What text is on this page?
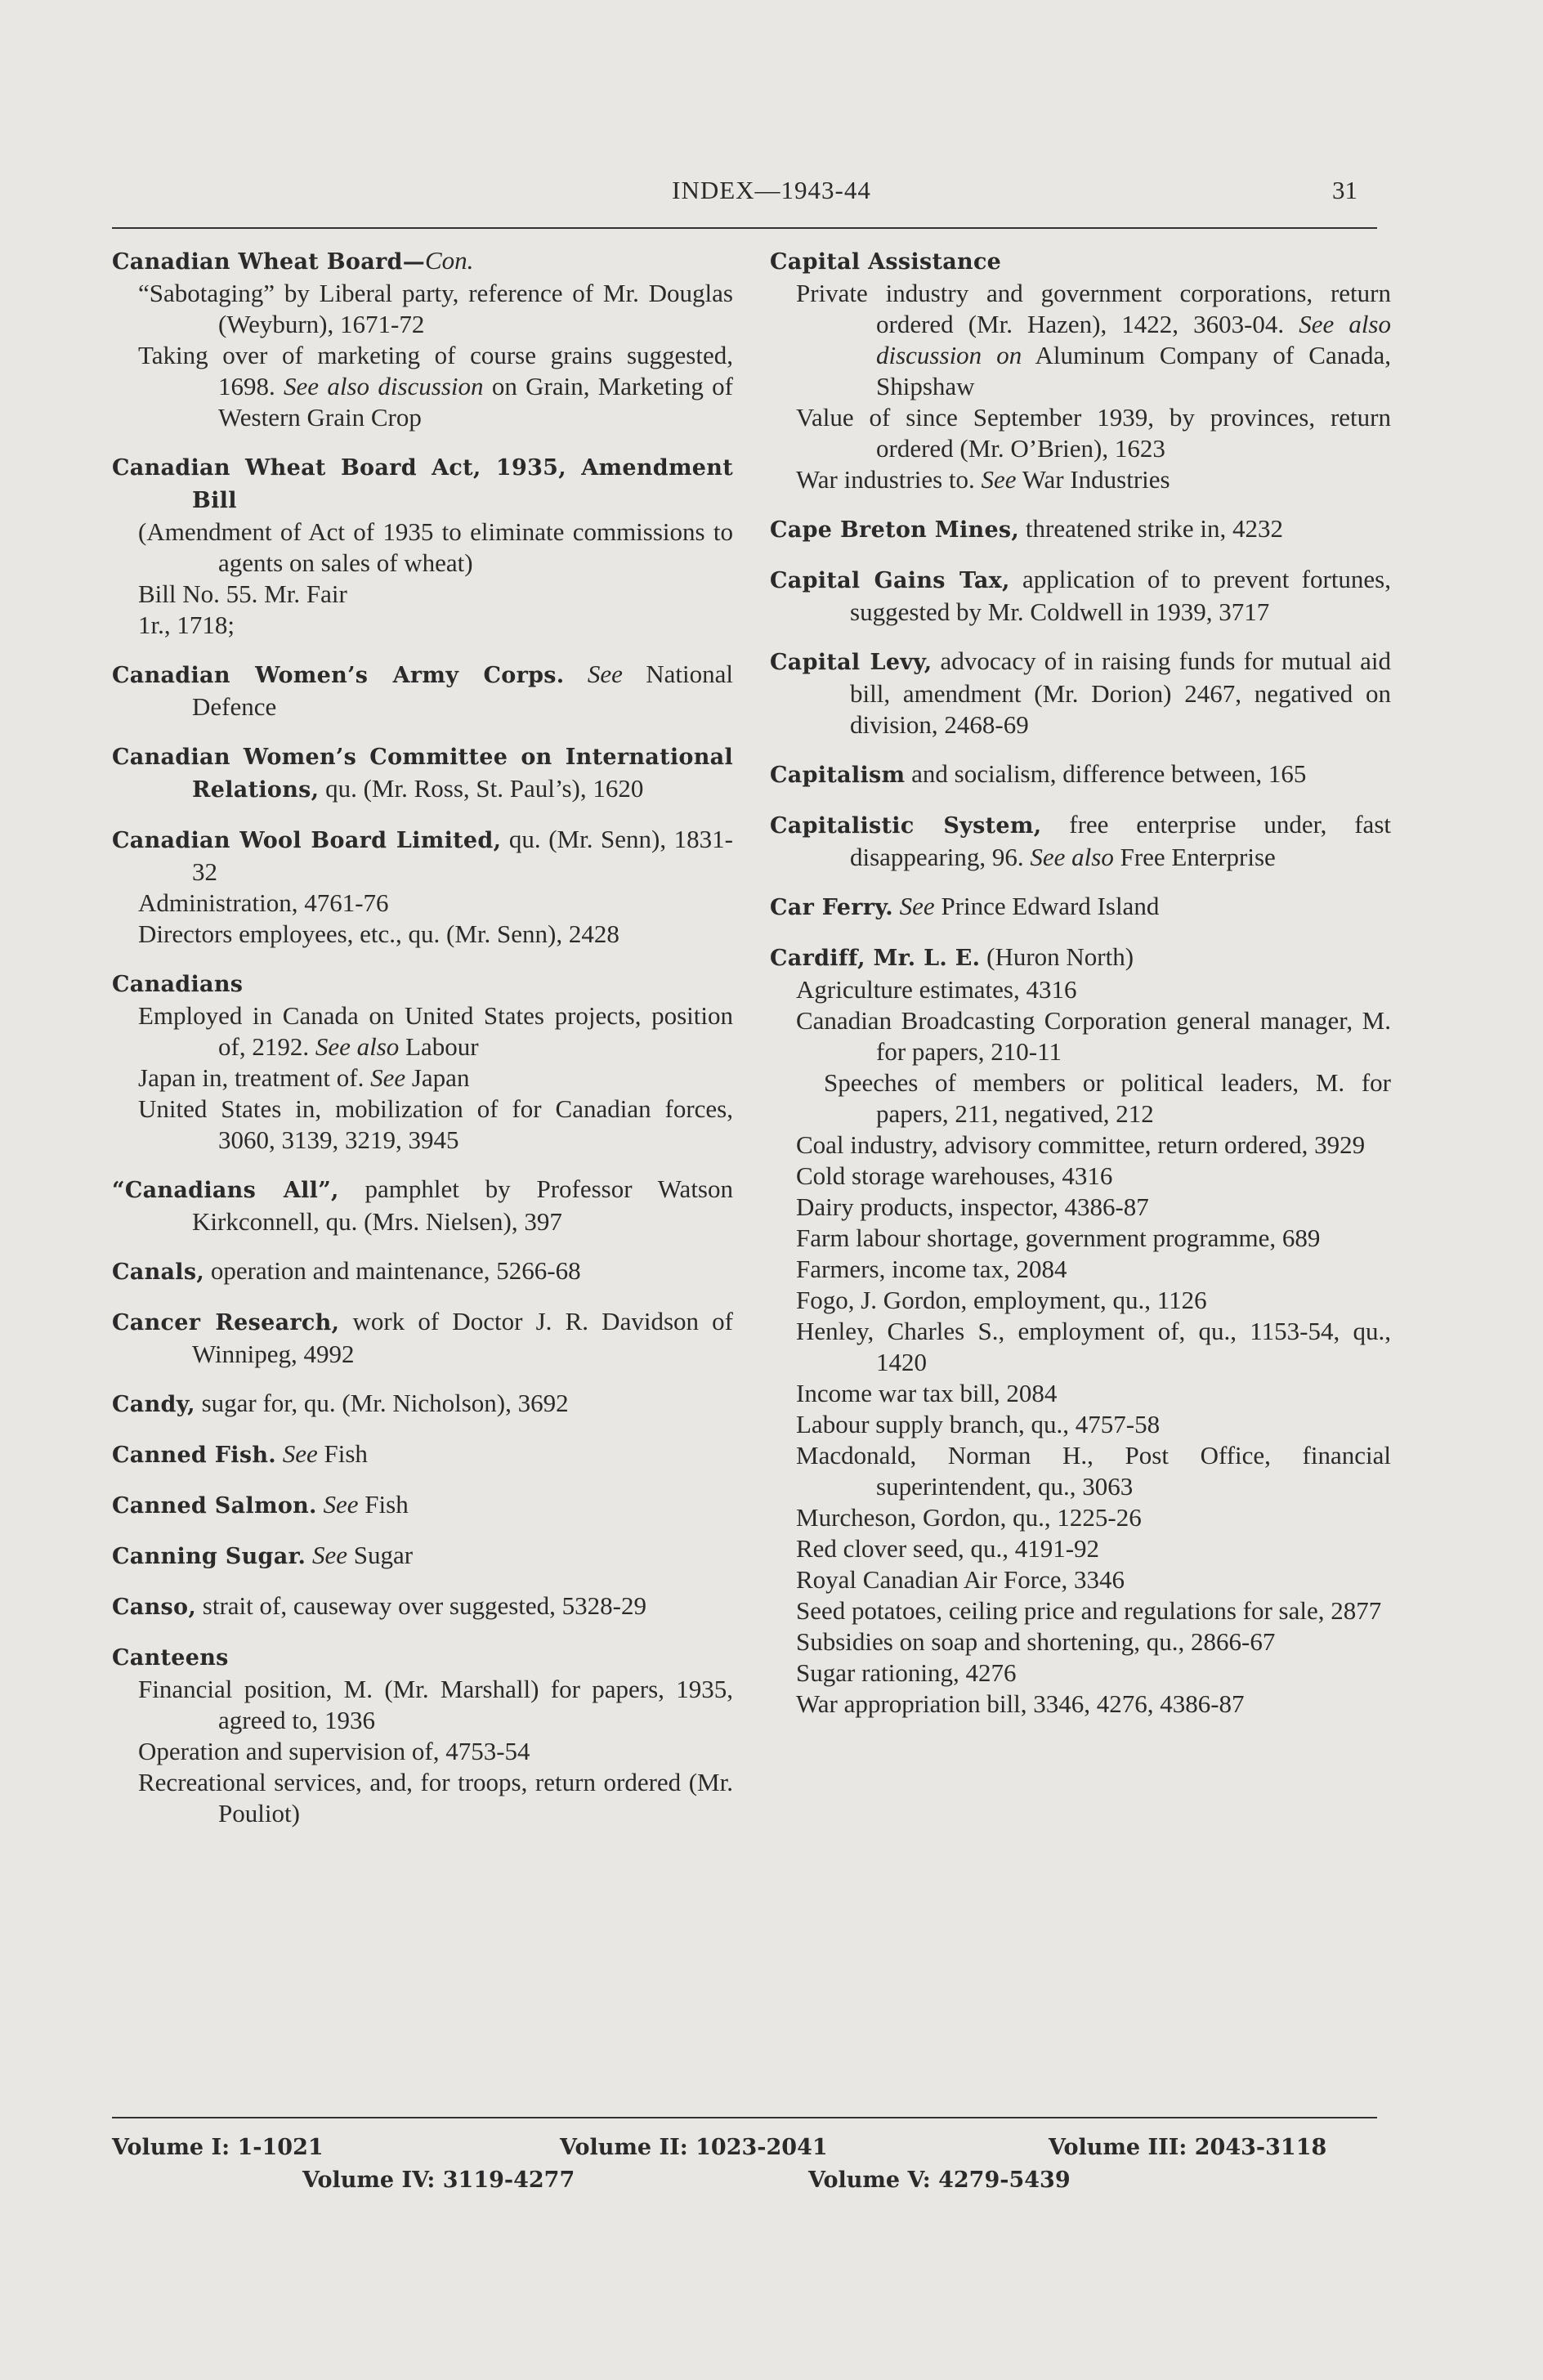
INDEX—1943-44	31
Canadian Wheat Board—Con.
“Sabotaging” by Liberal party, reference of Mr. Douglas (Weyburn), 1671-72
Taking over of marketing of course grains suggested, 1698. See also discussion on Grain, Marketing of Western Grain Crop
Canadian Wheat Board Act, 1935, Amendment Bill
(Amendment of Act of 1935 to eliminate commissions to agents on sales of wheat)
Bill No. 55. Mr. Fair
1r., 1718;
Canadian Women’s Army Corps. See National Defence
Canadian Women’s Committee on International Relations, qu. (Mr. Ross, St. Paul’s), 1620
Canadian Wool Board Limited, qu. (Mr. Senn), 1831-32
Administration, 4761-76
Directors employees, etc., qu. (Mr. Senn), 2428
Canadians
Employed in Canada on United States projects, position of, 2192. See also Labour
Japan in, treatment of. See Japan
United States in, mobilization of for Canadian forces, 3060, 3139, 3219, 3945
“Canadians All”, pamphlet by Professor Watson Kirkconnell, qu. (Mrs. Nielsen), 397
Canals, operation and maintenance, 5266-68
Cancer Research, work of Doctor J. R. Davidson of Winnipeg, 4992
Candy, sugar for, qu. (Mr. Nicholson), 3692
Canned Fish. See Fish
Canned Salmon. See Fish
Canning Sugar. See Sugar
Canso, strait of, causeway over suggested, 5328-29
Canteens
Financial position, M. (Mr. Marshall) for papers, 1935, agreed to, 1936
Operation and supervision of, 4753-54
Recreational services, and, for troops, return ordered (Mr. Pouliot)
Capital Assistance
Private industry and government corporations, return ordered (Mr. Hazen), 1422, 3603-04. See also discussion on Aluminum Company of Canada, Shipshaw
Value of since September 1939, by provinces, return ordered (Mr. O’Brien), 1623
War industries to. See War Industries
Cape Breton Mines, threatened strike in, 4232
Capital Gains Tax, application of to prevent fortunes, suggested by Mr. Coldwell in 1939, 3717
Capital Levy, advocacy of in raising funds for mutual aid bill, amendment (Mr. Dorion) 2467, negatived on division, 2468-69
Capitalism and socialism, difference between, 165
Capitalistic System, free enterprise under, fast disappearing, 96. See also Free Enterprise
Car Ferry. See Prince Edward Island
Cardiff, Mr. L. E. (Huron North)
Agriculture estimates, 4316
Canadian Broadcasting Corporation general manager, M. for papers, 210-11
Speeches of members or political leaders, M. for papers, 211, negatived, 212
Coal industry, advisory committee, return ordered, 3929
Cold storage warehouses, 4316
Dairy products, inspector, 4386-87
Farm labour shortage, government programme, 689
Farmers, income tax, 2084
Fogo, J. Gordon, employment, qu., 1126
Henley, Charles S., employment of, qu., 1153-54, qu., 1420
Income war tax bill, 2084
Labour supply branch, qu., 4757-58
Macdonald, Norman H., Post Office, financial superintendent, qu., 3063
Murcheson, Gordon, qu., 1225-26
Red clover seed, qu., 4191-92
Royal Canadian Air Force, 3346
Seed potatoes, ceiling price and regulations for sale, 2877
Subsidies on soap and shortening, qu., 2866-67
Sugar rationing, 4276
War appropriation bill, 3346, 4276, 4386-87
Volume I: 1-1021	Volume II: 1023-2041	Volume III: 2043-3118
Volume IV: 3119-4277	Volume V: 4279-5439
